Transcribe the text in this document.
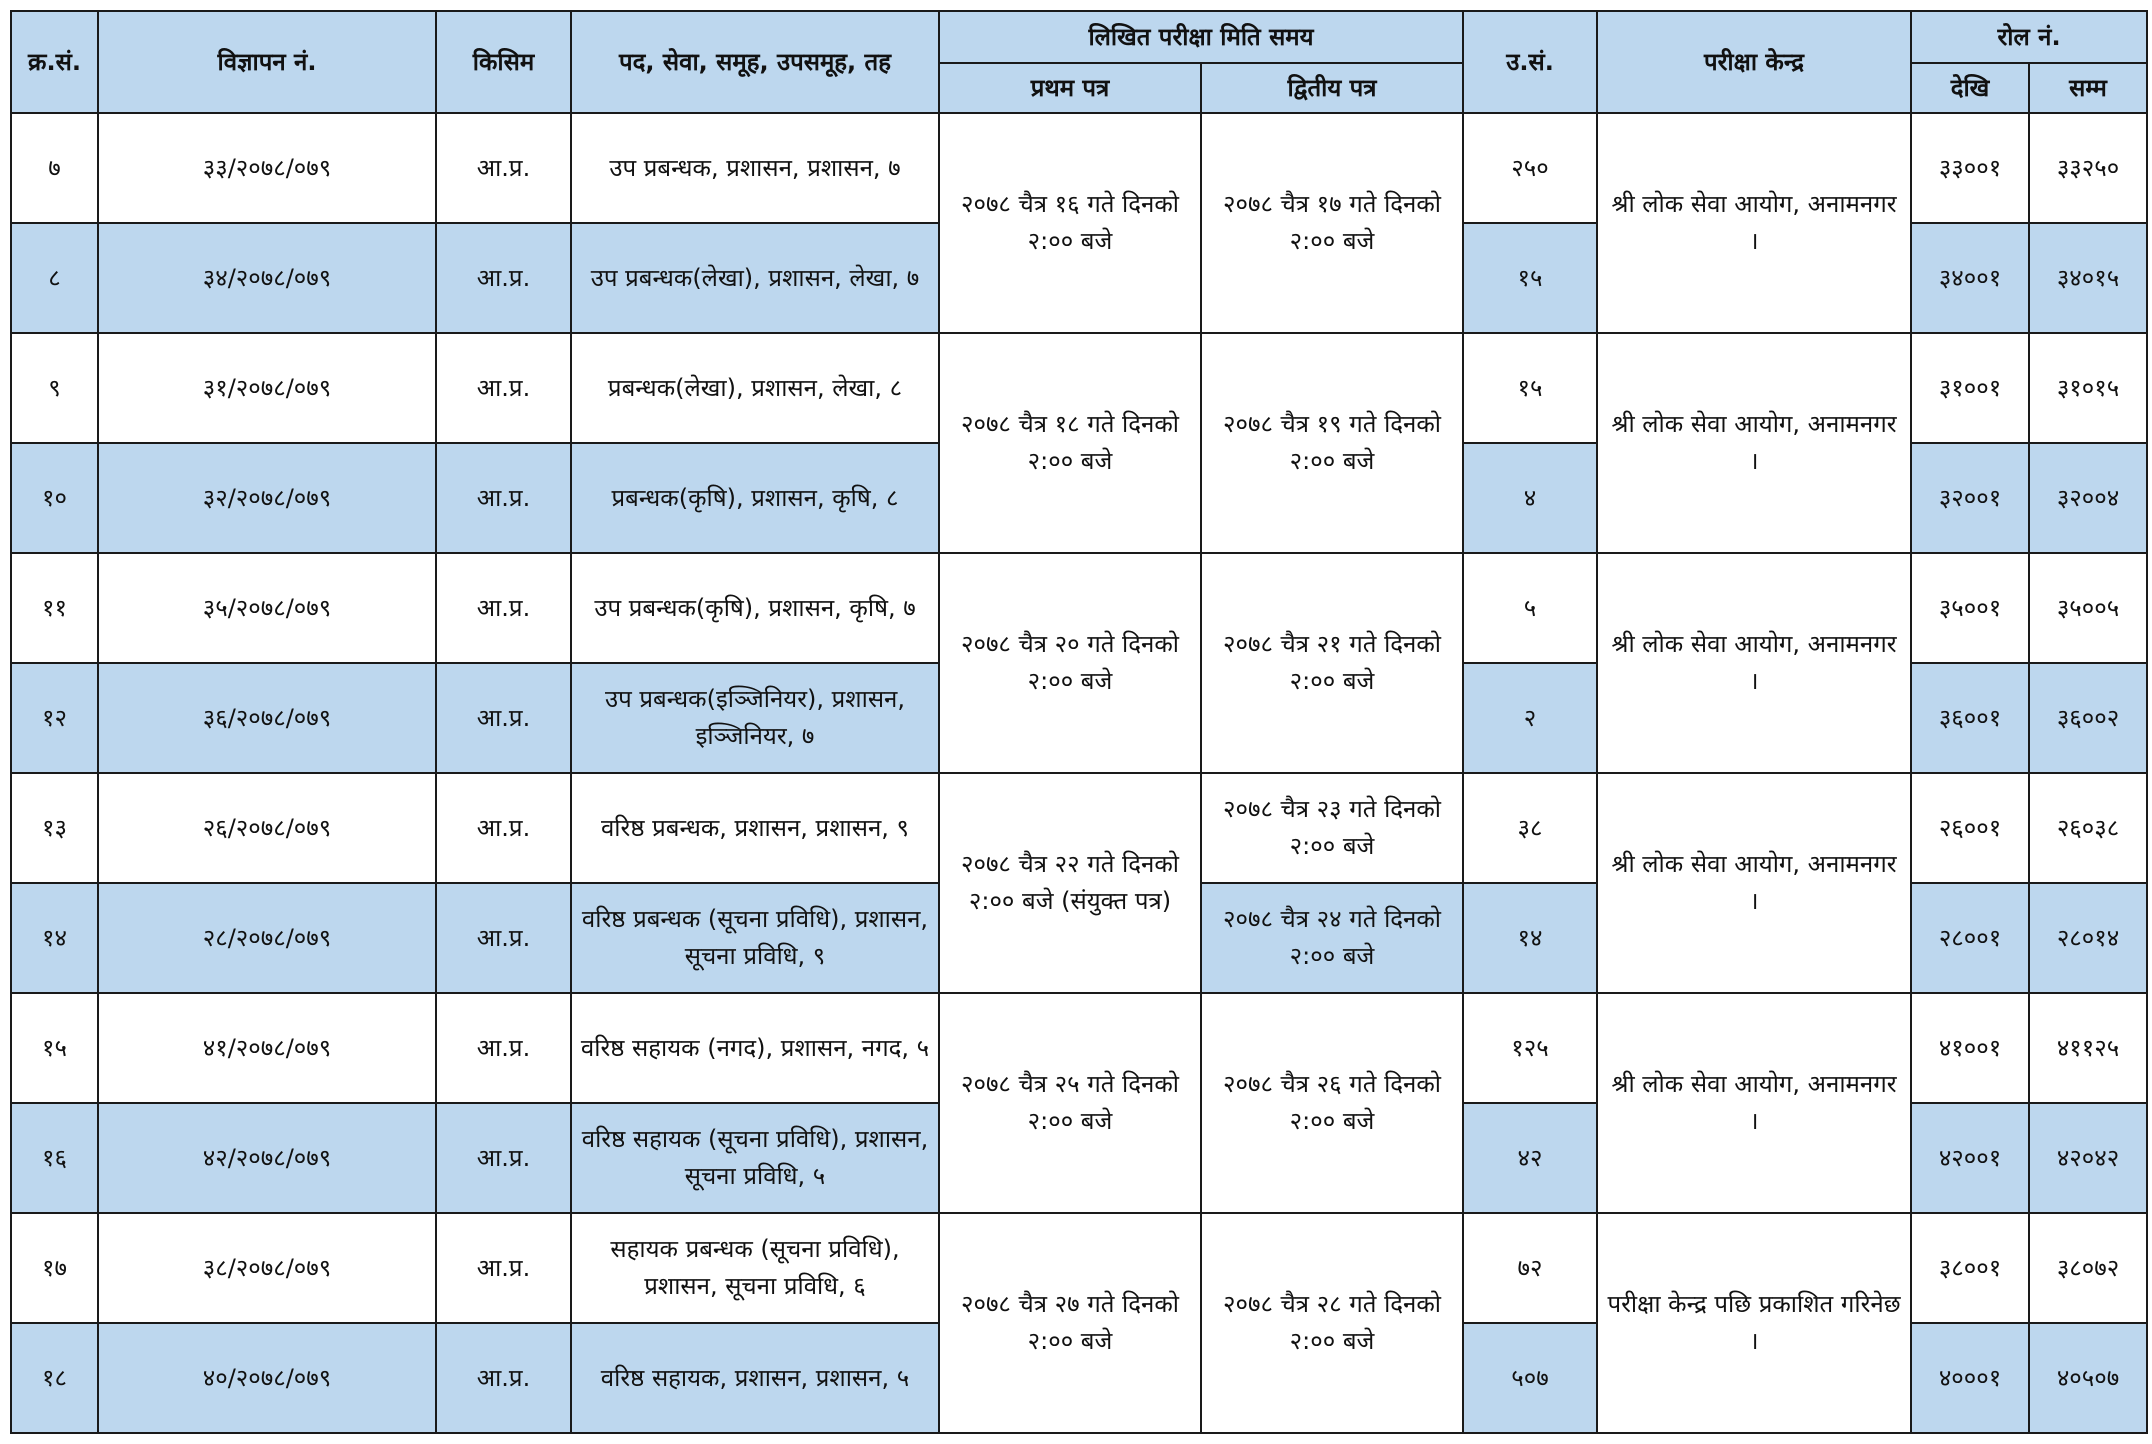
क्र.सं.	विज्ञापन नं.	किसिम	पद, सेवा, समूह, उपसमूह, तह	लिखित परीक्षा मिति समय		उ.सं.	परीक्षा केन्द्र	रोल नं.	
				प्रथम पत्र	द्वितीय पत्र			देखि	सम्म
७	३३/२०७८/०७९	आ.प्र.	उप प्रबन्धक, प्रशासन, प्रशासन, ७	२०७८ चैत्र १६ गते दिनको २:०० बजे	२०७८ चैत्र १७ गते दिनको २:०० बजे	२५०	श्री लोक सेवा आयोग, अनामनगर ।	३३००१	३३२५०
८	३४/२०७८/०७९	आ.प्र.	उप प्रबन्धक(लेखा), प्रशासन, लेखा, ७			१५		३४००१	३४०१५
९	३१/२०७८/०७९	आ.प्र.	प्रबन्धक(लेखा), प्रशासन, लेखा, ८	२०७८ चैत्र १८ गते दिनको २:०० बजे	२०७८ चैत्र १९ गते दिनको २:०० बजे	१५	श्री लोक सेवा आयोग, अनामनगर ।	३१००१	३१०१५
१०	३२/२०७८/०७९	आ.प्र.	प्रबन्धक(कृषि), प्रशासन, कृषि, ८			४		३२००१	३२००४
११	३५/२०७८/०७९	आ.प्र.	उप प्रबन्धक(कृषि), प्रशासन, कृषि, ७	२०७८ चैत्र २० गते दिनको २:०० बजे	२०७८ चैत्र २१ गते दिनको २:०० बजे	५	श्री लोक सेवा आयोग, अनामनगर ।	३५००१	३५००५
१२	३६/२०७८/०७९	आ.प्र.	उप प्रबन्धक(इञ्जिनियर), प्रशासन, इञ्जिनियर, ७			२		३६००१	३६००२
१३	२६/२०७८/०७९	आ.प्र.	वरिष्ठ प्रबन्धक, प्रशासन, प्रशासन, ९	२०७८ चैत्र २२ गते दिनको २:०० बजे (संयुक्त पत्र)	२०७८ चैत्र २३ गते दिनको २:०० बजे	३८	श्री लोक सेवा आयोग, अनामनगर ।	२६००१	२६०३८
१४	२८/२०७८/०७९	आ.प्र.	वरिष्ठ प्रबन्धक (सूचना प्रविधि), प्रशासन, सूचना प्रविधि, ९		२०७८ चैत्र २४ गते दिनको २:०० बजे	१४		२८००१	२८०१४
१५	४१/२०७८/०७९	आ.प्र.	वरिष्ठ सहायक (नगद), प्रशासन, नगद, ५	२०७८ चैत्र २५ गते दिनको २:०० बजे	२०७८ चैत्र २६ गते दिनको २:०० बजे	१२५	श्री लोक सेवा आयोग, अनामनगर ।	४१००१	४११२५
१६	४२/२०७८/०७९	आ.प्र.	वरिष्ठ सहायक (सूचना प्रविधि), प्रशासन, सूचना प्रविधि, ५			४२		४२००१	४२०४२
१७	३८/२०७८/०७९	आ.प्र.	सहायक प्रबन्धक (सूचना प्रविधि), प्रशासन, सूचना प्रविधि, ६	२०७८ चैत्र २७ गते दिनको २:०० बजे	२०७८ चैत्र २८ गते दिनको २:०० बजे	७२	परीक्षा केन्द्र पछि प्रकाशित गरिनेछ ।	३८००१	३८०७२
१८	४०/२०७८/०७९	आ.प्र.	वरिष्ठ सहायक, प्रशासन, प्रशासन, ५			५०७		४०००१	४०५०७
